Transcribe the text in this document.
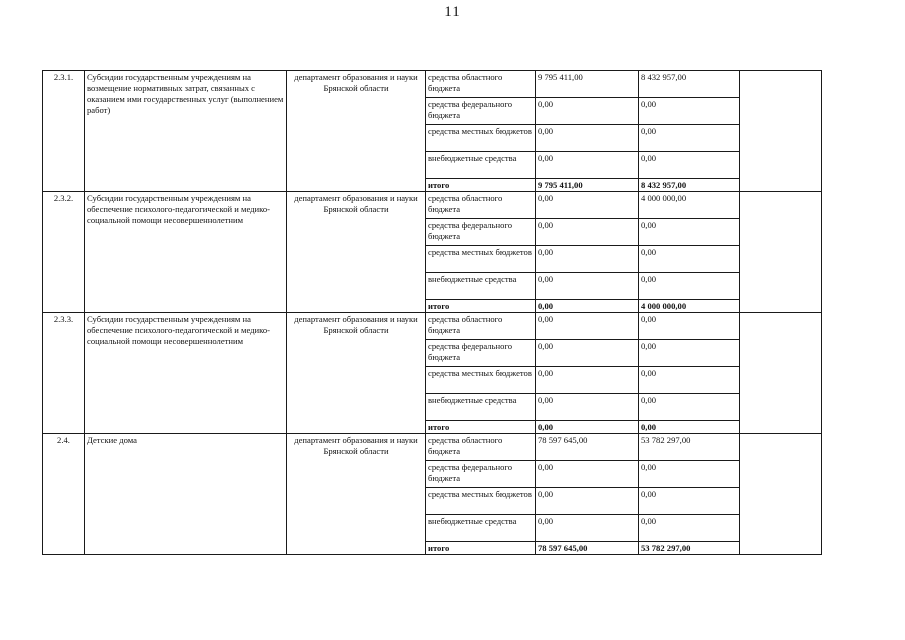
11
2.3.1.	Субсидии государственным учреждениям на возмещение нормативных затрат, связанных с оказанием ими государственных услуг (выполнением работ)	департамент образования и науки Брянской области	средства областного бюджета	9 795 411,00	8 432 957,00	
			средства федерального бюджета	0,00	0,00	
			средства местных бюджетов	0,00	0,00	
			внебюджетные средства	0,00	0,00	
			итого	9 795 411,00	8 432 957,00	
2.3.2.	Субсидии государственным учреждениям на обеспечение психолого-педагогической и медико-социальной помощи несовершеннолетним	департамент образования и науки Брянской области	средства областного бюджета	0,00	4 000 000,00	
			средства федерального бюджета	0,00	0,00	
			средства местных бюджетов	0,00	0,00	
			внебюджетные средства	0,00	0,00	
			итого	0,00	4 000 000,00	
2.3.3.	Субсидии государственным учреждениям на обеспечение психолого-педагогической и медико-социальной помощи несовершеннолетним	департамент образования и науки Брянской области	средства областного бюджета	0,00	0,00	
			средства федерального бюджета	0,00	0,00	
			средства местных бюджетов	0,00	0,00	
			внебюджетные средства	0,00	0,00	
			итого	0,00	0,00	
2.4.	Детские дома	департамент образования и науки Брянской области	средства областного бюджета	78 597 645,00	53 782 297,00	
			средства федерального бюджета	0,00	0,00	
			средства местных бюджетов	0,00	0,00	
			внебюджетные средства	0,00	0,00	
			итого	78 597 645,00	53 782 297,00	
